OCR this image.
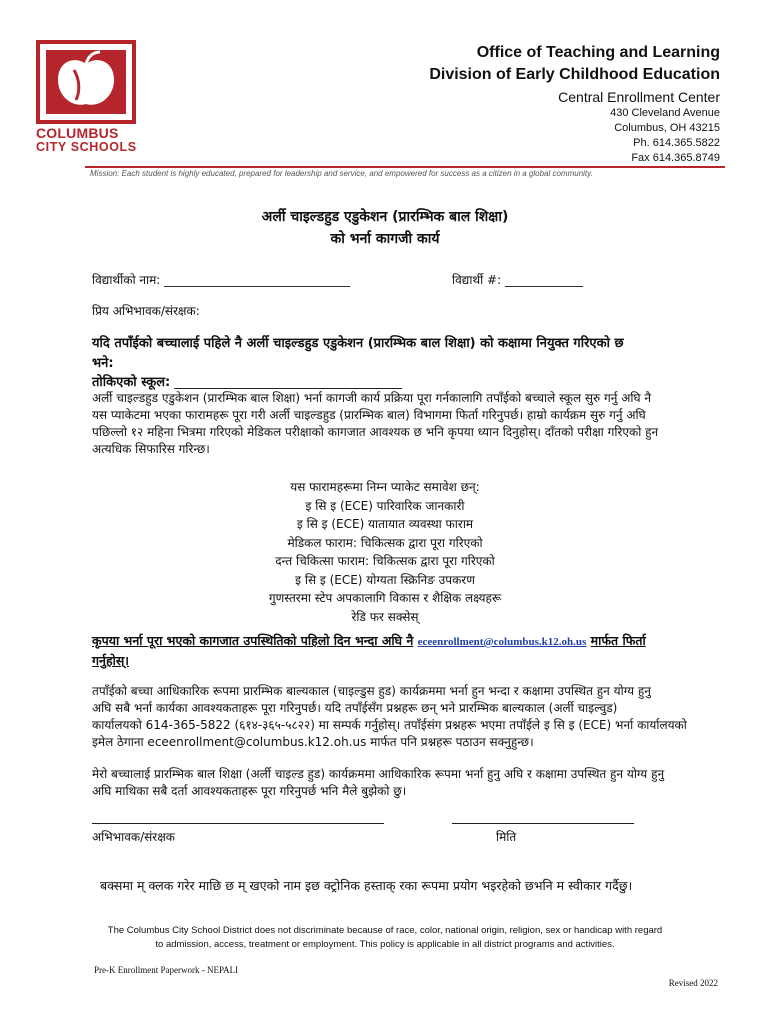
COLUMBUS
CITY SCHOOLS
Office of Teaching and Learning
Division of Early Childhood Education
Central Enrollment Center
430 Cleveland Avenue
Columbus, OH 43215
Ph. 614.365.5822
Fax 614.365.8749
Mission: Each student is highly educated, prepared for leadership and service, and empowered for success as a citizen in a global community.
अर्ली चाइल्डहुड एडुकेशन (प्रारम्भिक बाल शिक्षा)
को भर्ना कागजी कार्य
विद्यार्थीको नाम: _______________________________	विद्यार्थी #: _____________
प्रिय अभिभावक/संरक्षक:
यदि तपाँईको बच्चालाई पहिले नै अर्ली चाइल्डहुड एडुकेशन (प्रारम्भिक बाल शिक्षा) को कक्षामा नियुक्त गरिएको छ
भने:
तोकिएको स्कूल: ___________________________________
अर्ली चाइल्डहुड एडुकेशन (प्रारम्भिक बाल शिक्षा) भर्ना कागजी कार्य प्रक्रिया पूरा गर्नकालागि तपाँईको बच्चाले स्कूल सुरु गर्नु अघि नै
यस प्याकेटमा भएका फारामहरू पूरा गरी अर्ली चाइल्डहुड (प्रारम्भिक बाल) विभागमा फिर्ता गरिनुपर्छ। हाम्रो कार्यक्रम सुरु गर्नु अघि
पछिल्लो १२ महिना भित्रमा गरिएको मेडिकल परीक्षाको कागजात आवश्यक छ भनि कृपया ध्यान दिनुहोस्। दाँतको परीक्षा गरिएको हुन
अत्यधिक सिफारिस गरिन्छ।
यस फारामहरूमा निम्न प्याकेट समावेश छन्:
इ सि इ (ECE) पारिवारिक जानकारी
इ सि इ (ECE) यातायात व्यवस्था फाराम
मेडिकल फाराम: चिकित्सक द्वारा पूरा गरिएको
दन्त चिकित्सा फाराम: चिकित्सक द्वारा पूरा गरिएको
इ सि इ (ECE) योग्यता स्क्रिनिङ उपकरण
गुणस्तरमा स्टेप अपकालागि विकास र शैक्षिक लक्ष्यहरू
रेडि फर सक्सेस्
कृपया भर्ना पूरा भएको कागजात उपस्थितिको पहिलो दिन भन्दा अघि नै eceenrollment@columbus.k12.oh.us मार्फत फिर्ता
गर्नुहोस्।
तपाँईको बच्चा आधिकारिक रूपमा प्रारम्भिक बाल्यकाल (चाइल्डुस हुड) कार्यक्रममा भर्ना हुन भन्दा र कक्षामा उपस्थित हुन योग्य हुनु
अघि सबै भर्ना कार्यका आवश्यकताहरू पूरा गरिनुपर्छ। यदि तपाँईसँग प्रश्नहरू छन् भने प्रारम्भिक बाल्यकाल (अर्ली चाइल्वुड)
कार्यालयको 614-365-5822 (६१४-३६५-५८२२) मा सम्पर्क गर्नुहोस्। तपाँईसंग प्रश्नहरू भएमा तपाँईले इ सि इ (ECE) भर्ना कार्यालयको
इमेल ठेगाना eceenrollment@columbus.k12.oh.us मार्फत पनि प्रश्नहरू पठाउन सक्नुहुन्छ।
मेरो बच्चालाई प्रारम्भिक बाल शिक्षा (अर्ली चाइल्ड हुड) कार्यक्रममा आधिकारिक रूपमा भर्ना हुनु अघि र कक्षामा उपस्थित हुन योग्य हुनु
अघि माथिका सबै दर्ता आवश्यकताहरू पूरा गरिनुपर्छ भनि मैले बुझेको छु।
अभिभावक/संरक्षक	मिति
बक्समा म् क्लक गरेर माछि छ म् खएको नाम इछ क्ट्रोनिक हस्ताक् रका रूपमा प्रयोग भइरहेको छभनि म स्वीकार गर्दैछु।
The Columbus City School District does not discriminate because of race, color, national origin, religion, sex or handicap with regard
to admission, access, treatment or employment. This policy is applicable in all district programs and activities.
Pre-K Enrollment Paperwork - NEPALI
Revised 2022
